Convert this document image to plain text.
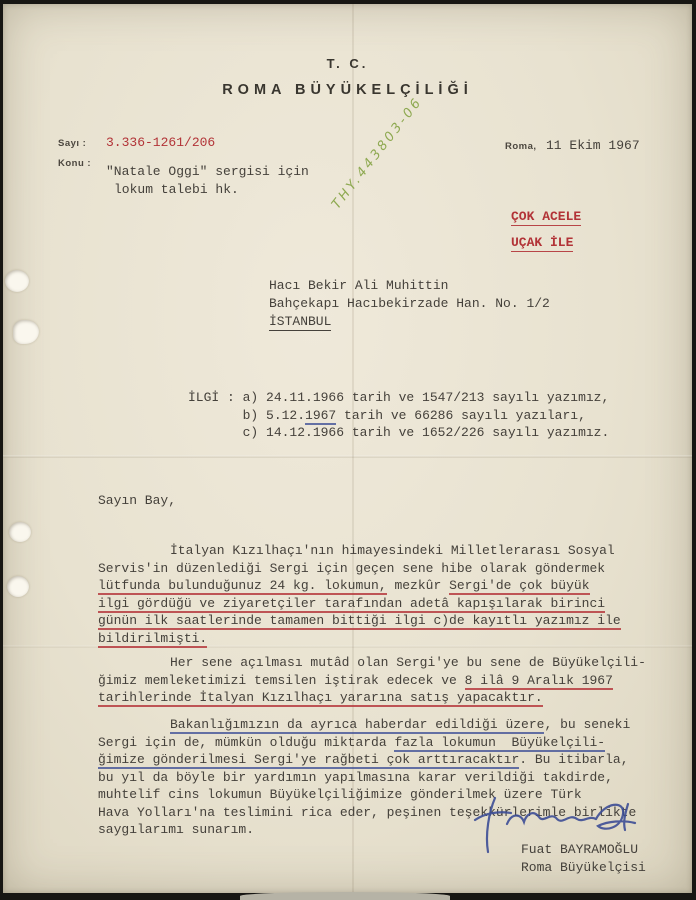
T. C.
ROMA BÜYÜKELÇİLİĞİ
THY.443803-06
Sayı : 3.336-1261/206
Konu :
"Natale Oggi" sergisi için
lokum talebi hk.
Roma, 11 Ekim 1967
ÇOK ACELE
UÇAK İLE
Hacı Bekir Ali Muhittin
Bahçekapı Hacıbekirzade Han. No. 1/2
İSTANBUL
İLGİ : a) 24.11.1966 tarih ve 1547/213 sayılı yazımız,
b) 5.12.1967 tarih ve 66286 sayılı yazıları,
c) 14.12.1966 tarih ve 1652/226 sayılı yazımız.
Sayın Bay,
İtalyan Kızılhaçı'nın himayesindeki Milletlerarası Sosyal
Servis'in düzenlediği Sergi için geçen sene hibe olarak göndermek
lütfunda bulunduğunuz 24 kg. lokumun, mezkûr Sergi'de çok büyük
ilgi gördüğü ve ziyaretçiler tarafından adetâ kapışılarak birinci
günün ilk saatlerinde tamamen bittiği ilgi c)de kayıtlı yazımız ile
bildirilmişti.
Her sene açılması mutâd olan Sergi'ye bu sene de Büyükelçili-
ğimiz memleketimizi temsilen iştirak edecek ve 8 ilâ 9 Aralık 1967
tarihlerinde İtalyan Kızılhaçı yararına satış yapacaktır.
Bakanlığımızın da ayrıca haberdar edildiği üzere, bu seneki
Sergi için de, mümkün olduğu miktarda fazla lokumun  Büyükelçili-
ğimize gönderilmesi Sergi'ye rağbeti çok arttıracaktır. Bu itibarla,
bu yıl da böyle bir yardımın yapılmasına karar verildiği takdirde,
muhtelif cins lokumun Büyükelçiliğimize gönderilmek üzere Türk
Hava Yolları'na teslimini rica eder, peşinen teşekkürlerimle birlikte
saygılarımı sunarım.
Fuat BAYRAMOĞLU
Roma Büyükelçisi
